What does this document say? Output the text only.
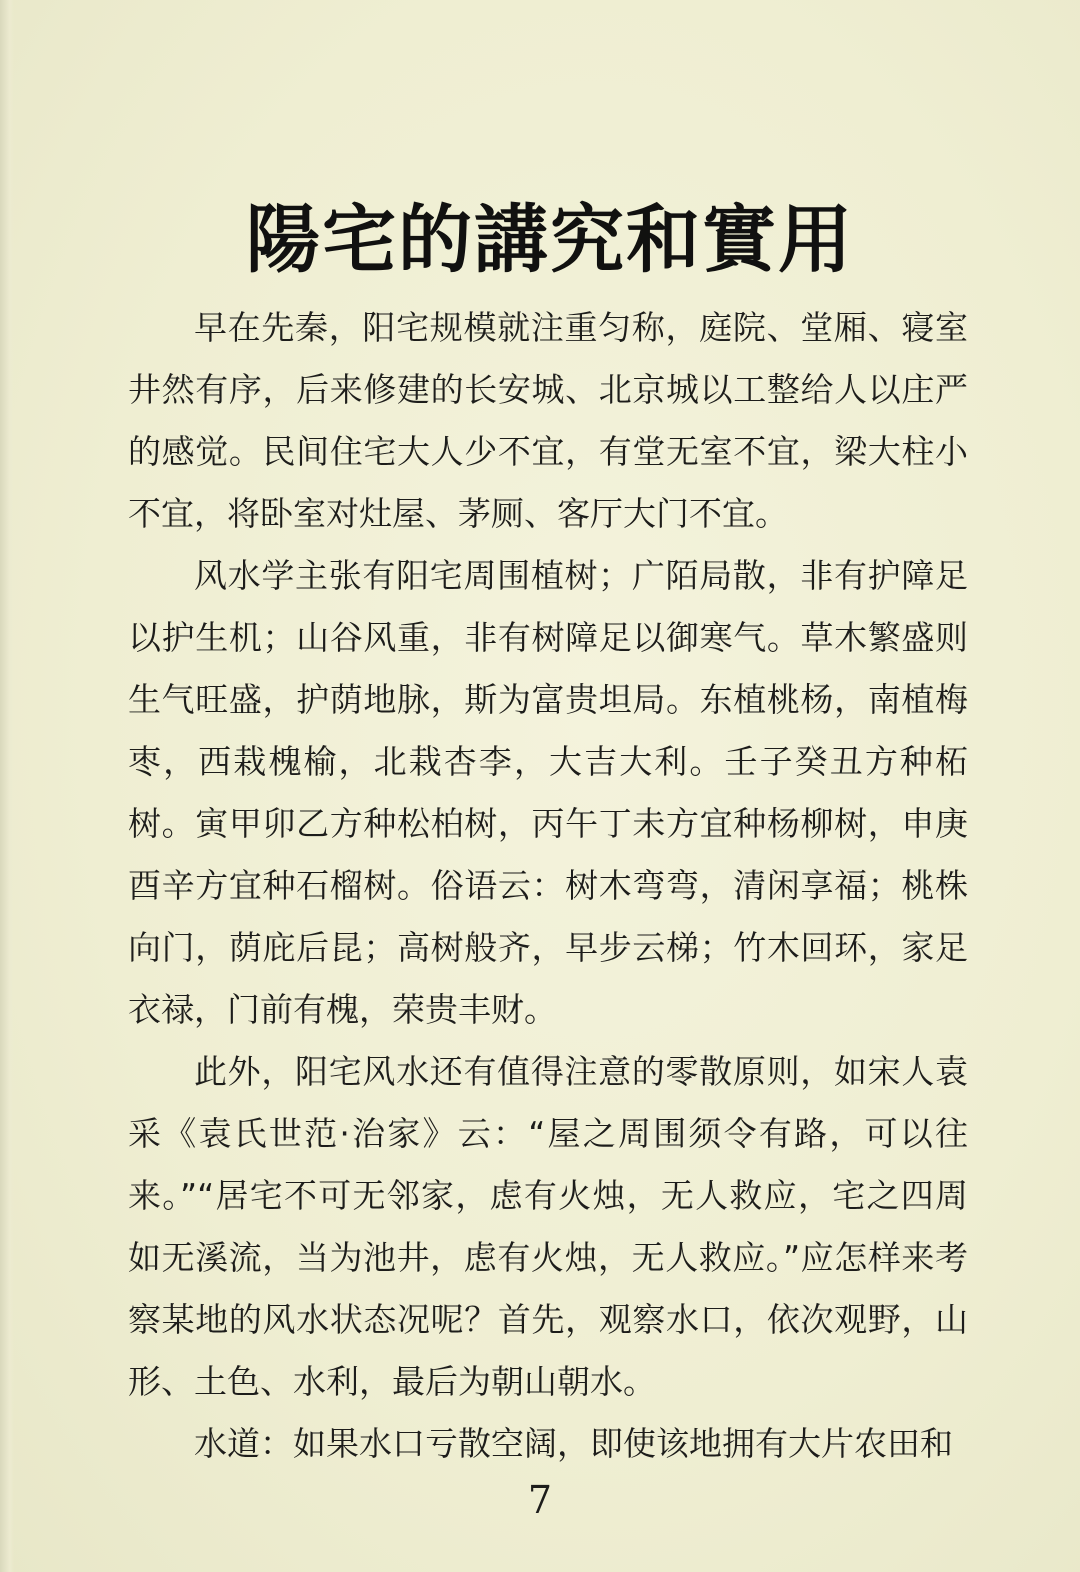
陽宅的講究和實用

早在先秦，阳宅规模就注重匀称，庭院、堂厢、寝室井然有序，后来修建的长安城、北京城以工整给人以庄严的感觉。民间住宅大人少不宜，有堂无室不宜，梁大柱小不宜，将卧室对灶屋、茅厕、客厅大门不宜。

风水学主张有阳宅周围植树；广陌局散，非有护障足以护生机；山谷风重，非有树障足以御寒气。草木繁盛则生气旺盛，护荫地脉，斯为富贵坦局。东植桃杨，南植梅枣，西栽槐榆，北栽杏李，大吉大利。壬子癸丑方种柘树。寅甲卯乙方种松柏树，丙午丁未方宜种杨柳树，申庚酉辛方宜种石榴树。俗语云：树木弯弯，清闲享福；桃株向门，荫庇后昆；高树般齐，早步云梯；竹木回环，家足衣禄，门前有槐，荣贵丰财。

此外，阳宅风水还有值得注意的零散原则，如宋人袁采《袁氏世范·治家》云：“屋之周围须令有路，可以往来。”“居宅不可无邻家，虑有火烛，无人救应，宅之四周如无溪流，当为池井，虑有火烛，无人救应。”应怎样来考察某地的风水状态况呢？首先，观察水口，依次观野，山形、土色、水利，最后为朝山朝水。

水道：如果水口亏散空阔，即使该地拥有大片农田和

7
